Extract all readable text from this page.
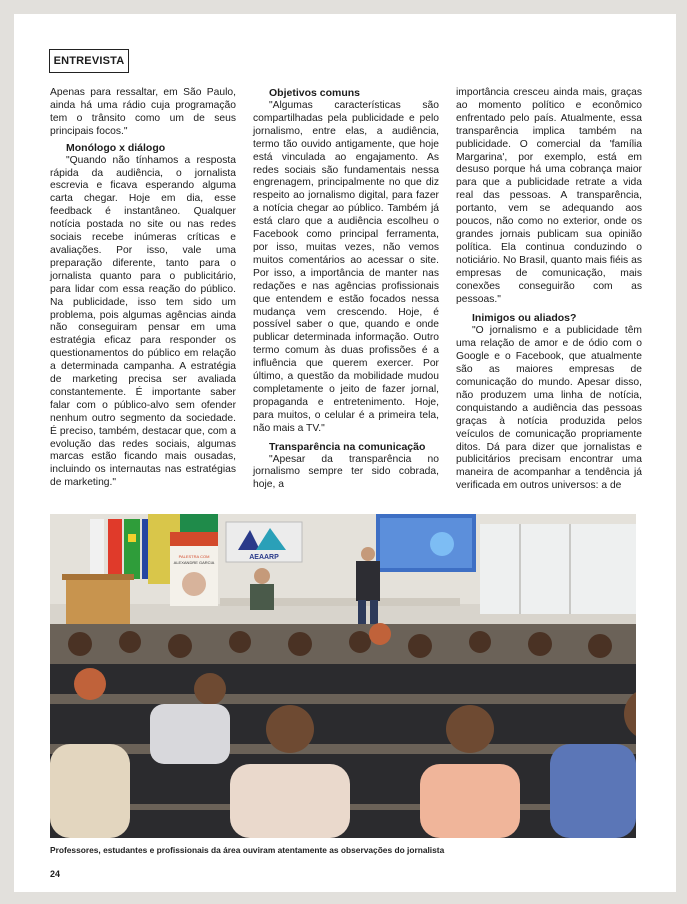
ENTREVISTA

Apenas para ressaltar, em São Paulo, ainda há uma rádio cuja programação tem o trânsito como um de seus principais focos."

Monólogo x diálogo

"Quando não tínhamos a resposta rápida da audiência, o jornalista escrevia e ficava esperando alguma carta chegar. Hoje em dia, esse feedback é instantâneo. Qualquer notícia postada no site ou nas redes sociais recebe inúmeras críticas e avaliações. Por isso, vale uma preparação diferente, tanto para o jornalista quanto para o publicitário, para lidar com essa reação do público. Na publicidade, isso tem sido um problema, pois algumas agências ainda não conseguiram pensar em uma estratégia eficaz para responder os questionamentos do público em relação a determinada campanha. A estratégia de marketing precisa ser avaliada constantemente. É importante saber falar com o público-alvo sem ofender nenhum outro segmento da sociedade. É preciso, também, destacar que, com a evolução das redes sociais, algumas marcas estão ficando mais ousadas, incluindo os internautas nas estratégias de marketing."

Objetivos comuns

"Algumas características são compartilhadas pela publicidade e pelo jornalismo, entre elas, a audiência, termo tão ouvido antigamente, que hoje está vinculada ao engajamento. As redes sociais são fundamentais nessa engrenagem, principalmente no que diz respeito ao jornalismo digital, para fazer a notícia chegar ao público. Também já está claro que a audiência escolheu o Facebook como principal ferramenta, por isso, muitas vezes, não vemos muitos comentários ao acessar o site. Por isso, a importância de manter nas redações e nas agências profissionais que entendem e estão focados nessa mudança vem crescendo. Hoje, é possível saber o que, quando e onde publicar determinada informação. Outro termo comum às duas profissões é a influência que querem exercer. Por último, a questão da mobilidade mudou completamente o jeito de fazer jornal, propaganda e entretenimento. Hoje, para muitos, o celular é a primeira tela, não mais a TV."

Transparência na comunicação

"Apesar da transparência no jornalismo sempre ter sido cobrada, hoje, a

importância cresceu ainda mais, graças ao momento político e econômico enfrentado pelo país. Atualmente, essa transparência implica também na publicidade. O comercial da 'família Margarina', por exemplo, está em desuso porque há uma cobrança maior para que a publicidade retrate a vida real das pessoas. A transparência, portanto, vem se adequando aos poucos, não como no exterior, onde os grandes jornais publicam sua opinião política. Ela continua conduzindo o noticiário. No Brasil, quanto mais fiéis as empresas de comunicação, mais conexões conseguirão com as pessoas."

Inimigos ou aliados?

"O jornalismo e a publicidade têm uma relação de amor e de ódio com o Google e o Facebook, que atualmente são as maiores empresas de comunicação do mundo. Apesar disso, não produzem uma linha de notícia, conquistando a audiência das pessoas graças à notícia produzida pelos veículos de comunicação propriamente ditos. Dá para dizer que jornalistas e publicitários precisam encontrar uma maneira de acompanhar a tendência já verificada em outros universos: a de

PALESTRA COM
ALEXANDRE GARCIA
AEAARP
Professores, estudantes e profissionais da área ouviram atentamente as observações do jornalista
24
